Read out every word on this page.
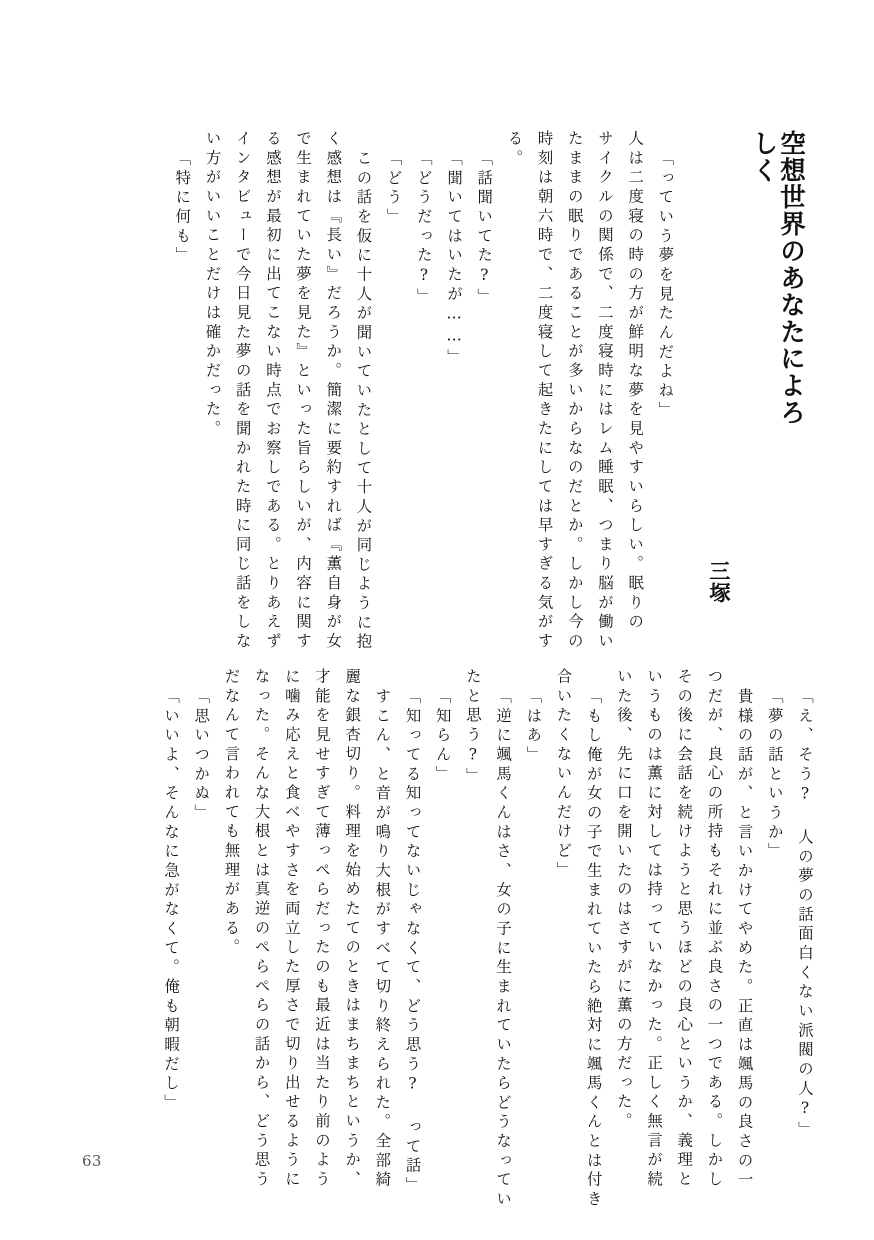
空想世界のあなたによろしく
三塚
「っていう夢を見たんだよね」
人は二度寝の時の方が鮮明な夢を見やすいらしい。眠りの
サイクルの関係で、二度寝時にはレム睡眠、つまり脳が働い
たままの眠りであることが多いからなのだとか。しかし今の
時刻は朝六時で、二度寝して起きたにしては早すぎる気がす
る。
「話聞いてた?」
「聞いてはいたが……」
「どうだった?」
「どう」
この話を仮に十人が聞いていたとして十人が同じように抱
く感想は『長い』だろうか。簡潔に要約すれば『薫自身が女
で生まれていた夢を見た』といった旨らしいが、内容に関す
る感想が最初に出てこない時点でお察しである。とりあえず
インタビューで今日見た夢の話を聞かれた時に同じ話をしな
い方がいいことだけは確かだった。
「特に何も」
「え、そう? 人の夢の話面白くない派閥の人?」
「夢の話というか」
貴様の話が、と言いかけてやめた。正直は颯馬の良さの一
つだが、良心の所持もそれに並ぶ良さの一つである。しかし
その後に会話を続けようと思うほどの良心というか、義理と
いうものは薫に対しては持っていなかった。正しく無言が続
いた後、先に口を開いたのはさすがに薫の方だった。
「もし俺が女の子で生まれていたら絶対に颯馬くんとは付き
合いたくないんだけど」
「はあ」
「逆に颯馬くんはさ、女の子に生まれていたらどうなってい
たと思う?」
「知らん」
「知ってる知ってないじゃなくて、どう思う? って話」
すこん、と音が鳴り大根がすべて切り終えられた。全部綺
麗な銀杏切り。料理を始めたてのときはまちまちというか、
才能を見せすぎて薄っぺらだったのも最近は当たり前のよう
に噛み応えと食べやすさを両立した厚さで切り出せるように
なった。そんな大根とは真逆のぺらぺらの話から、どう思う
だなんて言われても無理がある。
「思いつかぬ」
「いいよ、そんなに急がなくて。俺も朝暇だし」
63
